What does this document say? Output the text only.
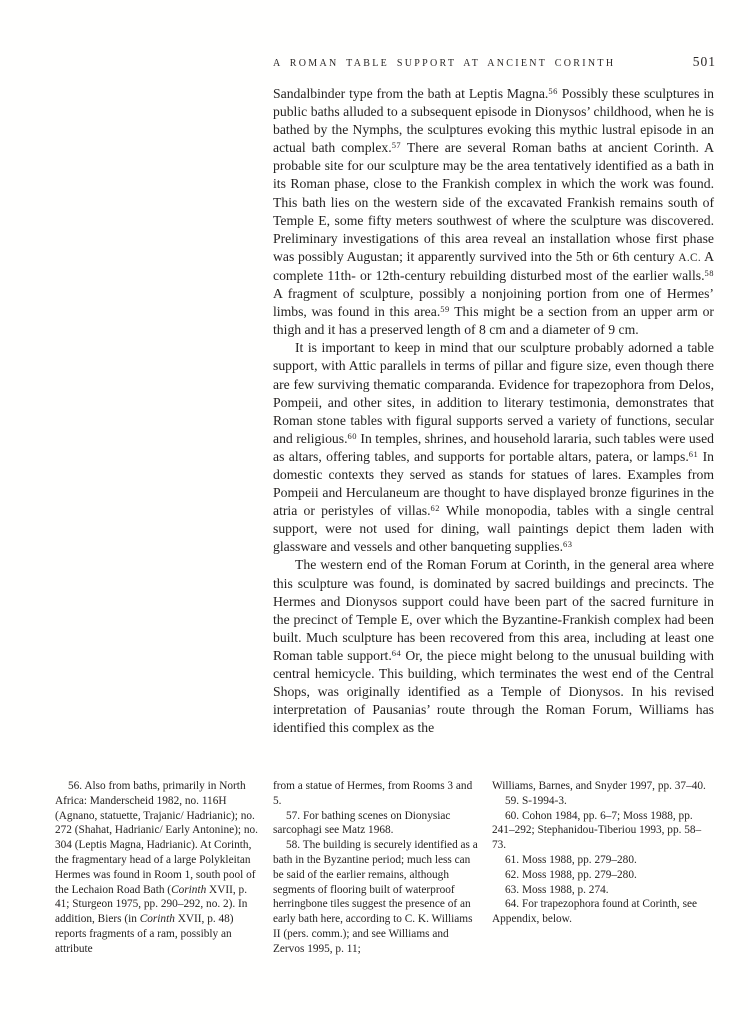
A ROMAN TABLE SUPPORT AT ANCIENT CORINTH	501

Sandalbinder type from the bath at Leptis Magna.$^{56}$ Possibly these sculptures in public baths alluded to a subsequent episode in Dionysos’ childhood, when he is bathed by the Nymphs, the sculptures evoking this mythic lustral episode in an actual bath complex.$^{57}$ There are several Roman baths at ancient Corinth. A probable site for our sculpture may be the area tentatively identified as a bath in its Roman phase, close to the Frankish complex in which the work was found. This bath lies on the western side of the excavated Frankish remains south of Temple E, some fifty meters southwest of where the sculpture was discovered. Preliminary investigations of this area reveal an installation whose first phase was possibly Augustan; it apparently survived into the 5th or 6th century A.C. A complete 11th- or 12th-century rebuilding disturbed most of the earlier walls.$^{58}$ A fragment of sculpture, possibly a nonjoining portion from one of Hermes’ limbs, was found in this area.$^{59}$ This might be a section from an upper arm or thigh and it has a preserved length of 8 cm and a diameter of 9 cm.

It is important to keep in mind that our sculpture probably adorned a table support, with Attic parallels in terms of pillar and figure size, even though there are few surviving thematic comparanda. Evidence for trapezophora from Delos, Pompeii, and other sites, in addition to literary testimonia, demonstrates that Roman stone tables with figural supports served a variety of functions, secular and religious.$^{60}$ In temples, shrines, and household lararia, such tables were used as altars, offering tables, and supports for portable altars, patera, or lamps.$^{61}$ In domestic contexts they served as stands for statues of lares. Examples from Pompeii and Herculaneum are thought to have displayed bronze figurines in the atria or peristyles of villas.$^{62}$ While monopodia, tables with a single central support, were not used for dining, wall paintings depict them laden with glassware and vessels and other banqueting supplies.$^{63}$

The western end of the Roman Forum at Corinth, in the general area where this sculpture was found, is dominated by sacred buildings and precincts. The Hermes and Dionysos support could have been part of the sacred furniture in the precinct of Temple E, over which the Byzantine-Frankish complex had been built. Much sculpture has been recovered from this area, including at least one Roman table support.$^{64}$ Or, the piece might belong to the unusual building with central hemicycle. This building, which terminates the west end of the Central Shops, was originally identified as a Temple of Dionysos. In his revised interpretation of Pausanias’ route through the Roman Forum, Williams has identified this complex as the

56. Also from baths, primarily in North Africa: Manderscheid 1982, no. 116H (Agnano, statuette, Trajanic/ Hadrianic); no. 272 (Shahat, Hadrianic/ Early Antonine); no. 304 (Leptis Magna, Hadrianic). At Corinth, the fragmentary head of a large Polykleitan Hermes was found in Room 1, south pool of the Lechaion Road Bath (Corinth XVII, p. 41; Sturgeon 1975, pp. 290–292, no. 2). In addition, Biers (in Corinth XVII, p. 48) reports fragments of a ram, possibly an attribute

from a statue of Hermes, from Rooms 3 and 5.

57. For bathing scenes on Dionysiac sarcophagi see Matz 1968.

58. The building is securely identified as a bath in the Byzantine period; much less can be said of the earlier remains, although segments of flooring built of waterproof herringbone tiles suggest the presence of an early bath here, according to C. K. Williams II (pers. comm.); and see Williams and Zervos 1995, p. 11;

Williams, Barnes, and Snyder 1997, pp. 37–40.

59. S-1994-3.

60. Cohon 1984, pp. 6–7; Moss 1988, pp. 241–292; Stephanidou-Tiberiou 1993, pp. 58–73.

61. Moss 1988, pp. 279–280.

62. Moss 1988, pp. 279–280.

63. Moss 1988, p. 274.

64. For trapezophora found at Corinth, see Appendix, below.
